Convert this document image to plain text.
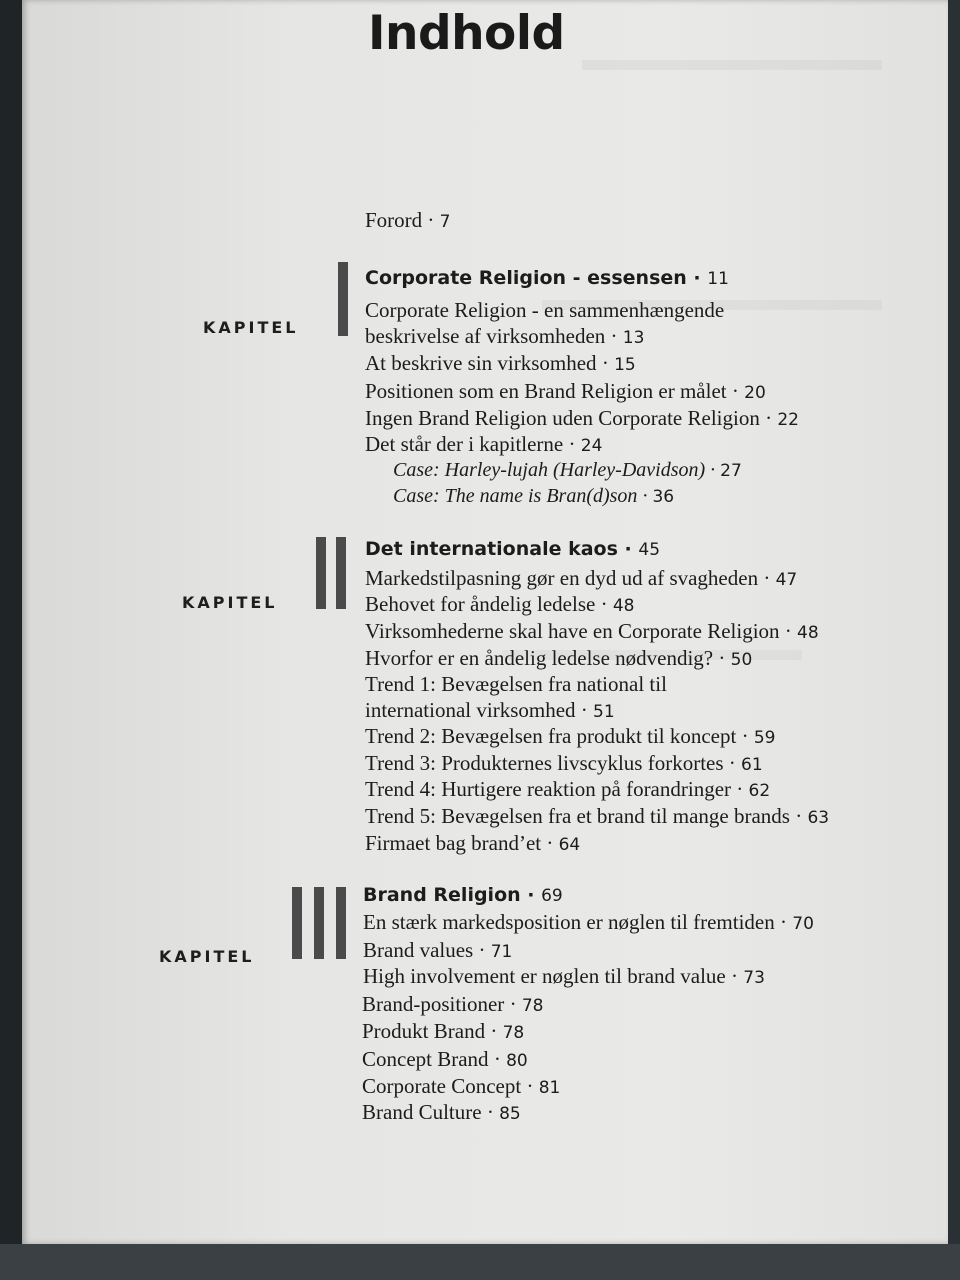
Indhold
Forord · 7
KAPITEL
Corporate Religion - essensen · 11
Corporate Religion - en sammenhængende
beskrivelse af virksomheden · 13
At beskrive sin virksomhed · 15
Positionen som en Brand Religion er målet · 20
Ingen Brand Religion uden Corporate Religion · 22
Det står der i kapitlerne · 24
Case: Harley-lujah (Harley-Davidson) · 27
Case: The name is Bran(d)son · 36
KAPITEL
Det internationale kaos · 45
Markedstilpasning gør en dyd ud af svagheden · 47
Behovet for åndelig ledelse · 48
Virksomhederne skal have en Corporate Religion · 48
Hvorfor er en åndelig ledelse nødvendig? · 50
Trend 1: Bevægelsen fra national til
international virksomhed · 51
Trend 2: Bevægelsen fra produkt til koncept · 59
Trend 3: Produkternes livscyklus forkortes · 61
Trend 4: Hurtigere reaktion på forandringer · 62
Trend 5: Bevægelsen fra et brand til mange brands · 63
Firmaet bag brand’et · 64
KAPITEL
Brand Religion · 69
En stærk markedsposition er nøglen til fremtiden · 70
Brand values · 71
High involvement er nøglen til brand value · 73
Brand-positioner · 78
Produkt Brand · 78
Concept Brand · 80
Corporate Concept · 81
Brand Culture · 85
